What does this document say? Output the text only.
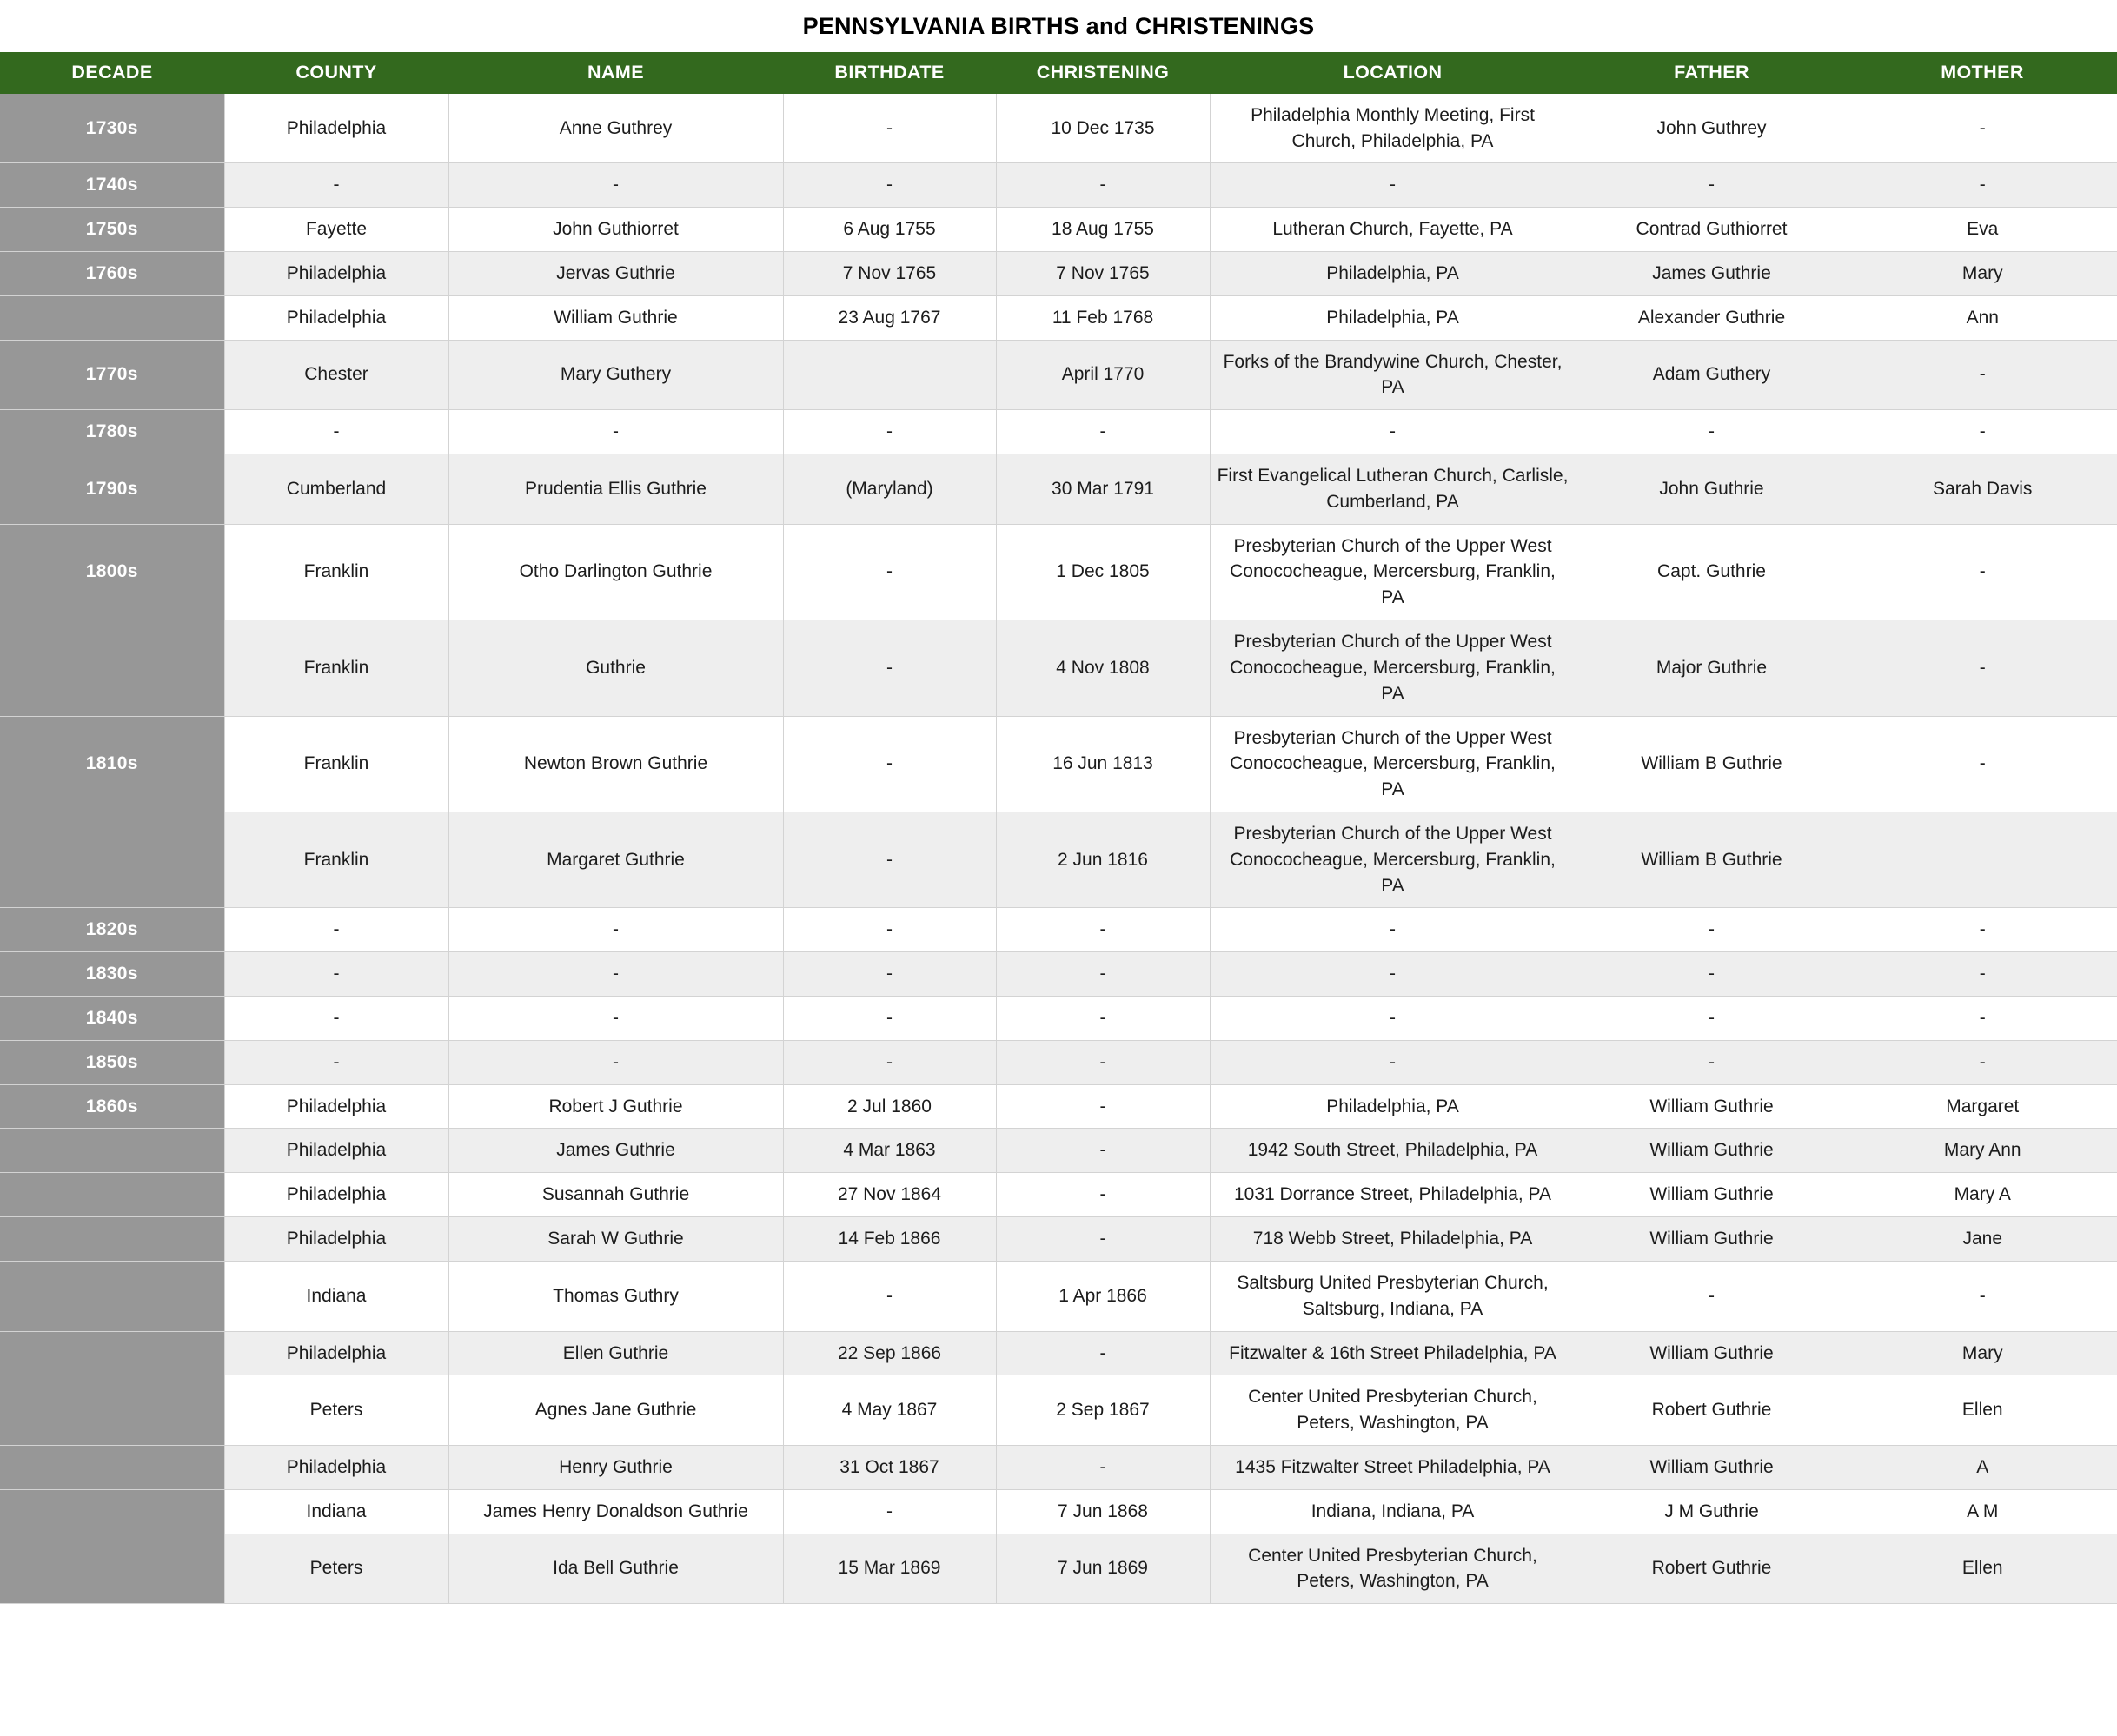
PENNSYLVANIA BIRTHS and CHRISTENINGS
DECADE	COUNTY	NAME	BIRTHDATE	CHRISTENING	LOCATION	FATHER	MOTHER
1730s	Philadelphia	Anne Guthrey	-	10 Dec 1735	Philadelphia Monthly Meeting, First Church, Philadelphia, PA	John Guthrey	-
1740s	-	-	-	-	-	-	-
1750s	Fayette	John Guthiorret	6 Aug 1755	18 Aug 1755	Lutheran Church, Fayette, PA	Contrad Guthiorret	Eva
1760s	Philadelphia	Jervas Guthrie	7 Nov 1765	7 Nov 1765	Philadelphia, PA	James Guthrie	Mary
	Philadelphia	William Guthrie	23 Aug 1767	11 Feb 1768	Philadelphia, PA	Alexander Guthrie	Ann
1770s	Chester	Mary Guthery		April 1770	Forks of the Brandywine Church, Chester, PA	Adam Guthery	-
1780s	-	-	-	-	-	-	-
1790s	Cumberland	Prudentia Ellis Guthrie	(Maryland)	30 Mar 1791	First Evangelical Lutheran Church, Carlisle, Cumberland, PA	John Guthrie	Sarah Davis
1800s	Franklin	Otho Darlington Guthrie	-	1 Dec 1805	Presbyterian Church of the Upper West Conococheague, Mercersburg, Franklin, PA	Capt. Guthrie	-
	Franklin	Guthrie	-	4 Nov 1808	Presbyterian Church of the Upper West Conococheague, Mercersburg, Franklin, PA	Major Guthrie	-
1810s	Franklin	Newton Brown Guthrie	-	16 Jun 1813	Presbyterian Church of the Upper West Conococheague, Mercersburg, Franklin, PA	William B Guthrie	-
	Franklin	Margaret Guthrie	-	2 Jun 1816	Presbyterian Church of the Upper West Conococheague, Mercersburg, Franklin, PA	William B Guthrie	
1820s	-	-	-	-	-	-	-
1830s	-	-	-	-	-	-	-
1840s	-	-	-	-	-	-	-
1850s	-	-	-	-	-	-	-
1860s	Philadelphia	Robert J Guthrie	2 Jul 1860	-	Philadelphia, PA	William Guthrie	Margaret
	Philadelphia	James Guthrie	4 Mar 1863	-	1942 South Street, Philadelphia, PA	William Guthrie	Mary Ann
	Philadelphia	Susannah Guthrie	27 Nov 1864	-	1031 Dorrance Street, Philadelphia, PA	William Guthrie	Mary A
	Philadelphia	Sarah W Guthrie	14 Feb 1866	-	718 Webb Street, Philadelphia, PA	William Guthrie	Jane
	Indiana	Thomas Guthry	-	1 Apr 1866	Saltsburg United Presbyterian Church, Saltsburg, Indiana, PA	-	-
	Philadelphia	Ellen Guthrie	22 Sep 1866	-	Fitzwalter & 16th Street Philadelphia, PA	William Guthrie	Mary
	Peters	Agnes Jane Guthrie	4 May 1867	2 Sep 1867	Center United Presbyterian Church, Peters, Washington, PA	Robert Guthrie	Ellen
	Philadelphia	Henry Guthrie	31 Oct 1867	-	1435 Fitzwalter Street Philadelphia, PA	William Guthrie	A
	Indiana	James Henry Donaldson Guthrie	-	7 Jun 1868	Indiana, Indiana, PA	J M Guthrie	A M
	Peters	Ida Bell Guthrie	15 Mar 1869	7 Jun 1869	Center United Presbyterian Church, Peters, Washington, PA	Robert Guthrie	Ellen
